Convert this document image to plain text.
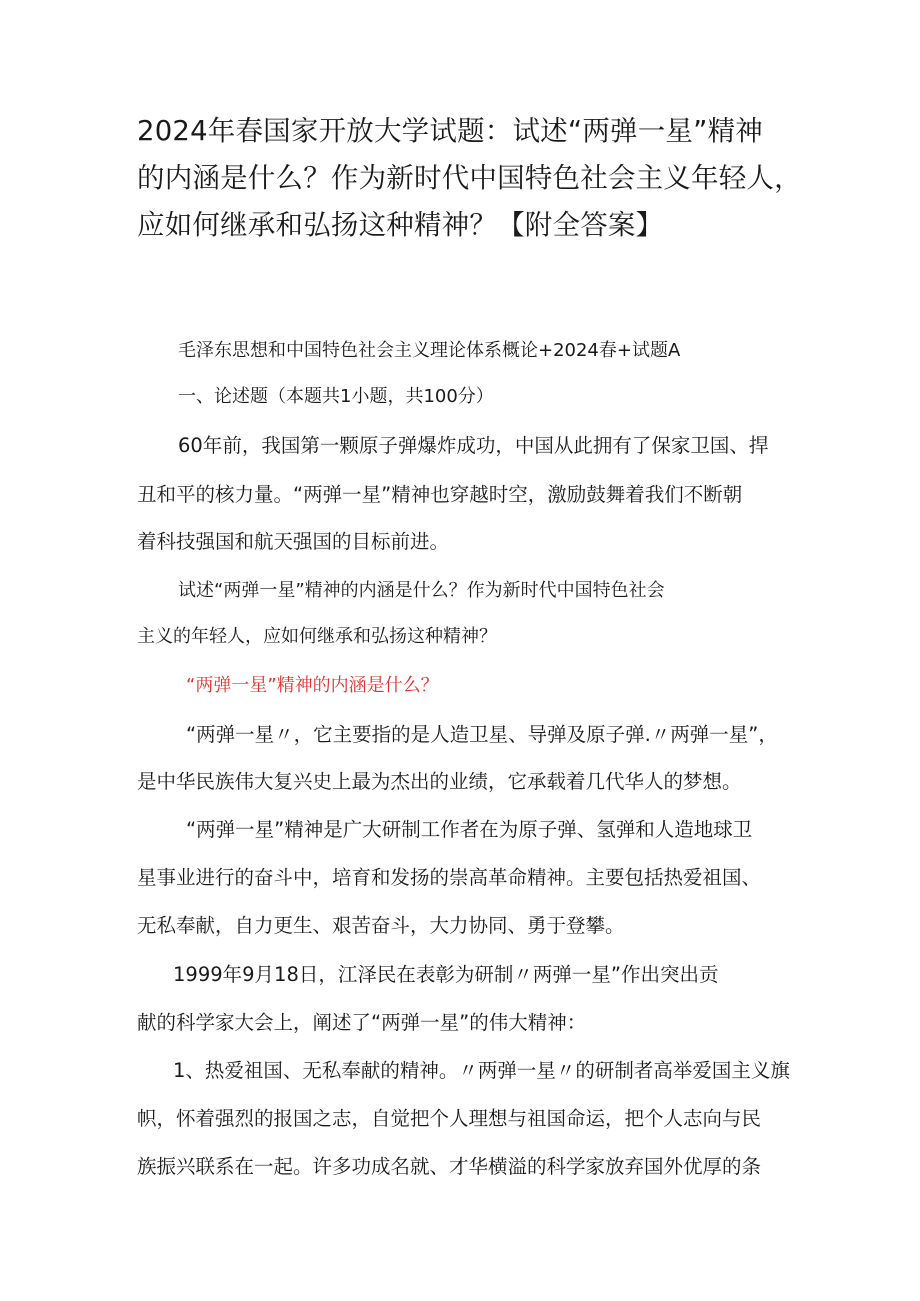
2024年春国家开放大学试题：试述“两弹一星”精神
的内涵是什么？作为新时代中国特色社会主义年轻人，
应如何继承和弘扬这种精神？【附全答案】

毛泽东思想和中国特色社会主义理论体系概论+2024春+试题A

一、论述题（本题共1小题，共100分）

60年前，我国第一颗原子弹爆炸成功，中国从此拥有了保家卫国、捍

丑和平的核力量。“两弹一星”精神也穿越时空，激励鼓舞着我们不断朝

着科技强国和航天强国的目标前进。

试述“两弹一星”精神的内涵是什么？作为新时代中国特色社会

主义的年轻人，应如何继承和弘扬这种精神？

“两弹一星”精神的内涵是什么？

“两弹一星〃，它主要指的是人造卫星、导弹及原子弹.〃两弹一星”，

是中华民族伟大复兴史上最为杰出的业绩，它承载着几代华人的梦想。

“两弹一星”精神是广大研制工作者在为原子弹、氢弹和人造地球卫

星事业进行的奋斗中，培育和发扬的崇高革命精神。主要包括热爱祖国、

无私奉献，自力更生、艰苦奋斗，大力协同、勇于登攀。

1999年9月18日，江泽民在表彰为研制〃两弹一星”作出突出贡

献的科学家大会上，阐述了“两弹一星”的伟大精神：

1、热爱祖国、无私奉献的精神。〃两弹一星〃的研制者高举爱国主义旗

帜，怀着强烈的报国之志，自觉把个人理想与祖国命运，把个人志向与民

族振兴联系在一起。许多功成名就、才华横溢的科学家放弃国外优厚的条
